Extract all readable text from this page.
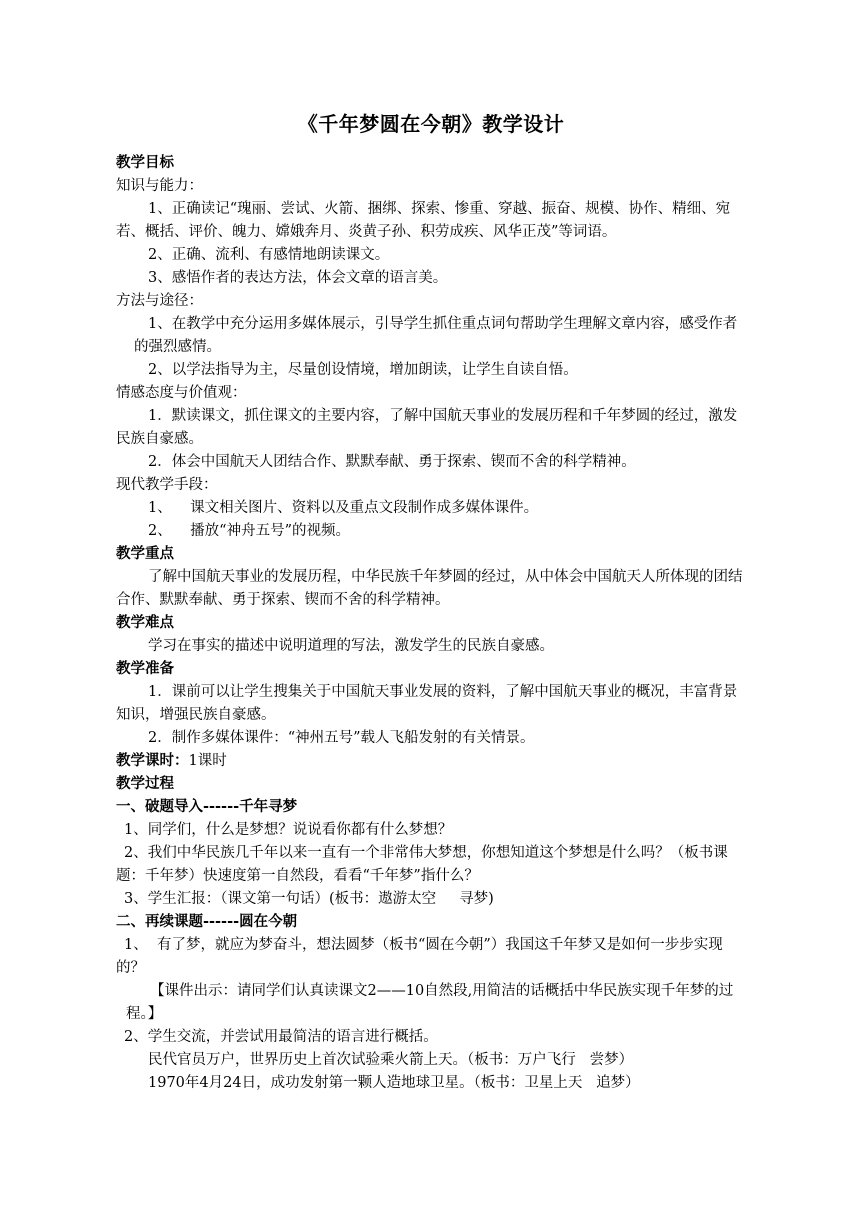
《千年梦圆在今朝》教学设计

教学目标

知识与能力：

1、正确读记“瑰丽、尝试、火箭、捆绑、探索、惨重、穿越、振奋、规模、协作、精细、宛若、概括、评价、魄力、嫦娥奔月、炎黄子孙、积劳成疾、风华正茂”等词语。

2、正确、流利、有感情地朗读课文。

3、感悟作者的表达方法，体会文章的语言美。

方法与途径：

1、在教学中充分运用多媒体展示，引导学生抓住重点词句帮助学生理解文章内容，感受作者的强烈感情。

2、以学法指导为主，尽量创设情境，增加朗读，让学生自读自悟。

情感态度与价值观：

1．默读课文，抓住课文的主要内容，了解中国航天事业的发展历程和千年梦圆的经过，激发民族自豪感。

2．体会中国航天人团结合作、默默奉献、勇于探索、锲而不舍的科学精神。

现代教学手段：

1、    课文相关图片、资料以及重点文段制作成多媒体课件。

2、    播放“神舟五号”的视频。

教学重点

了解中国航天事业的发展历程，中华民族千年梦圆的经过，从中体会中国航天人所体现的团结合作、默默奉献、勇于探索、锲而不舍的科学精神。

教学难点

学习在事实的描述中说明道理的写法，激发学生的民族自豪感。

教学准备

1．课前可以让学生搜集关于中国航天事业发展的资料，了解中国航天事业的概况，丰富背景知识，增强民族自豪感。

2．制作多媒体课件：“神州五号”载人飞船发射的有关情景。

教学课时：1课时

教学过程

一、破题导入------千年寻梦

1、同学们，什么是梦想？说说看你都有什么梦想？

2、我们中华民族几千年以来一直有一个非常伟大梦想，你想知道这个梦想是什么吗？（板书课题：千年梦）快速度第一自然段，看看“千年梦”指什么？

3、学生汇报：（课文第一句话）(板书：遨游太空     寻梦)

二、再续课题------圆在今朝

1、  有了梦，就应为梦奋斗，想法圆梦（板书“圆在今朝”）我国这千年梦又是如何一步步实现的？

【课件出示：请同学们认真读课文2——10自然段,用简洁的话概括中华民族实现千年梦的过程。】

2、学生交流，并尝试用最简洁的语言进行概括。

民代官员万户，世界历史上首次试验乘火箭上天。（板书：万户飞行   尝梦）

1970年4月24日，成功发射第一颗人造地球卫星。（板书：卫星上天   追梦）
